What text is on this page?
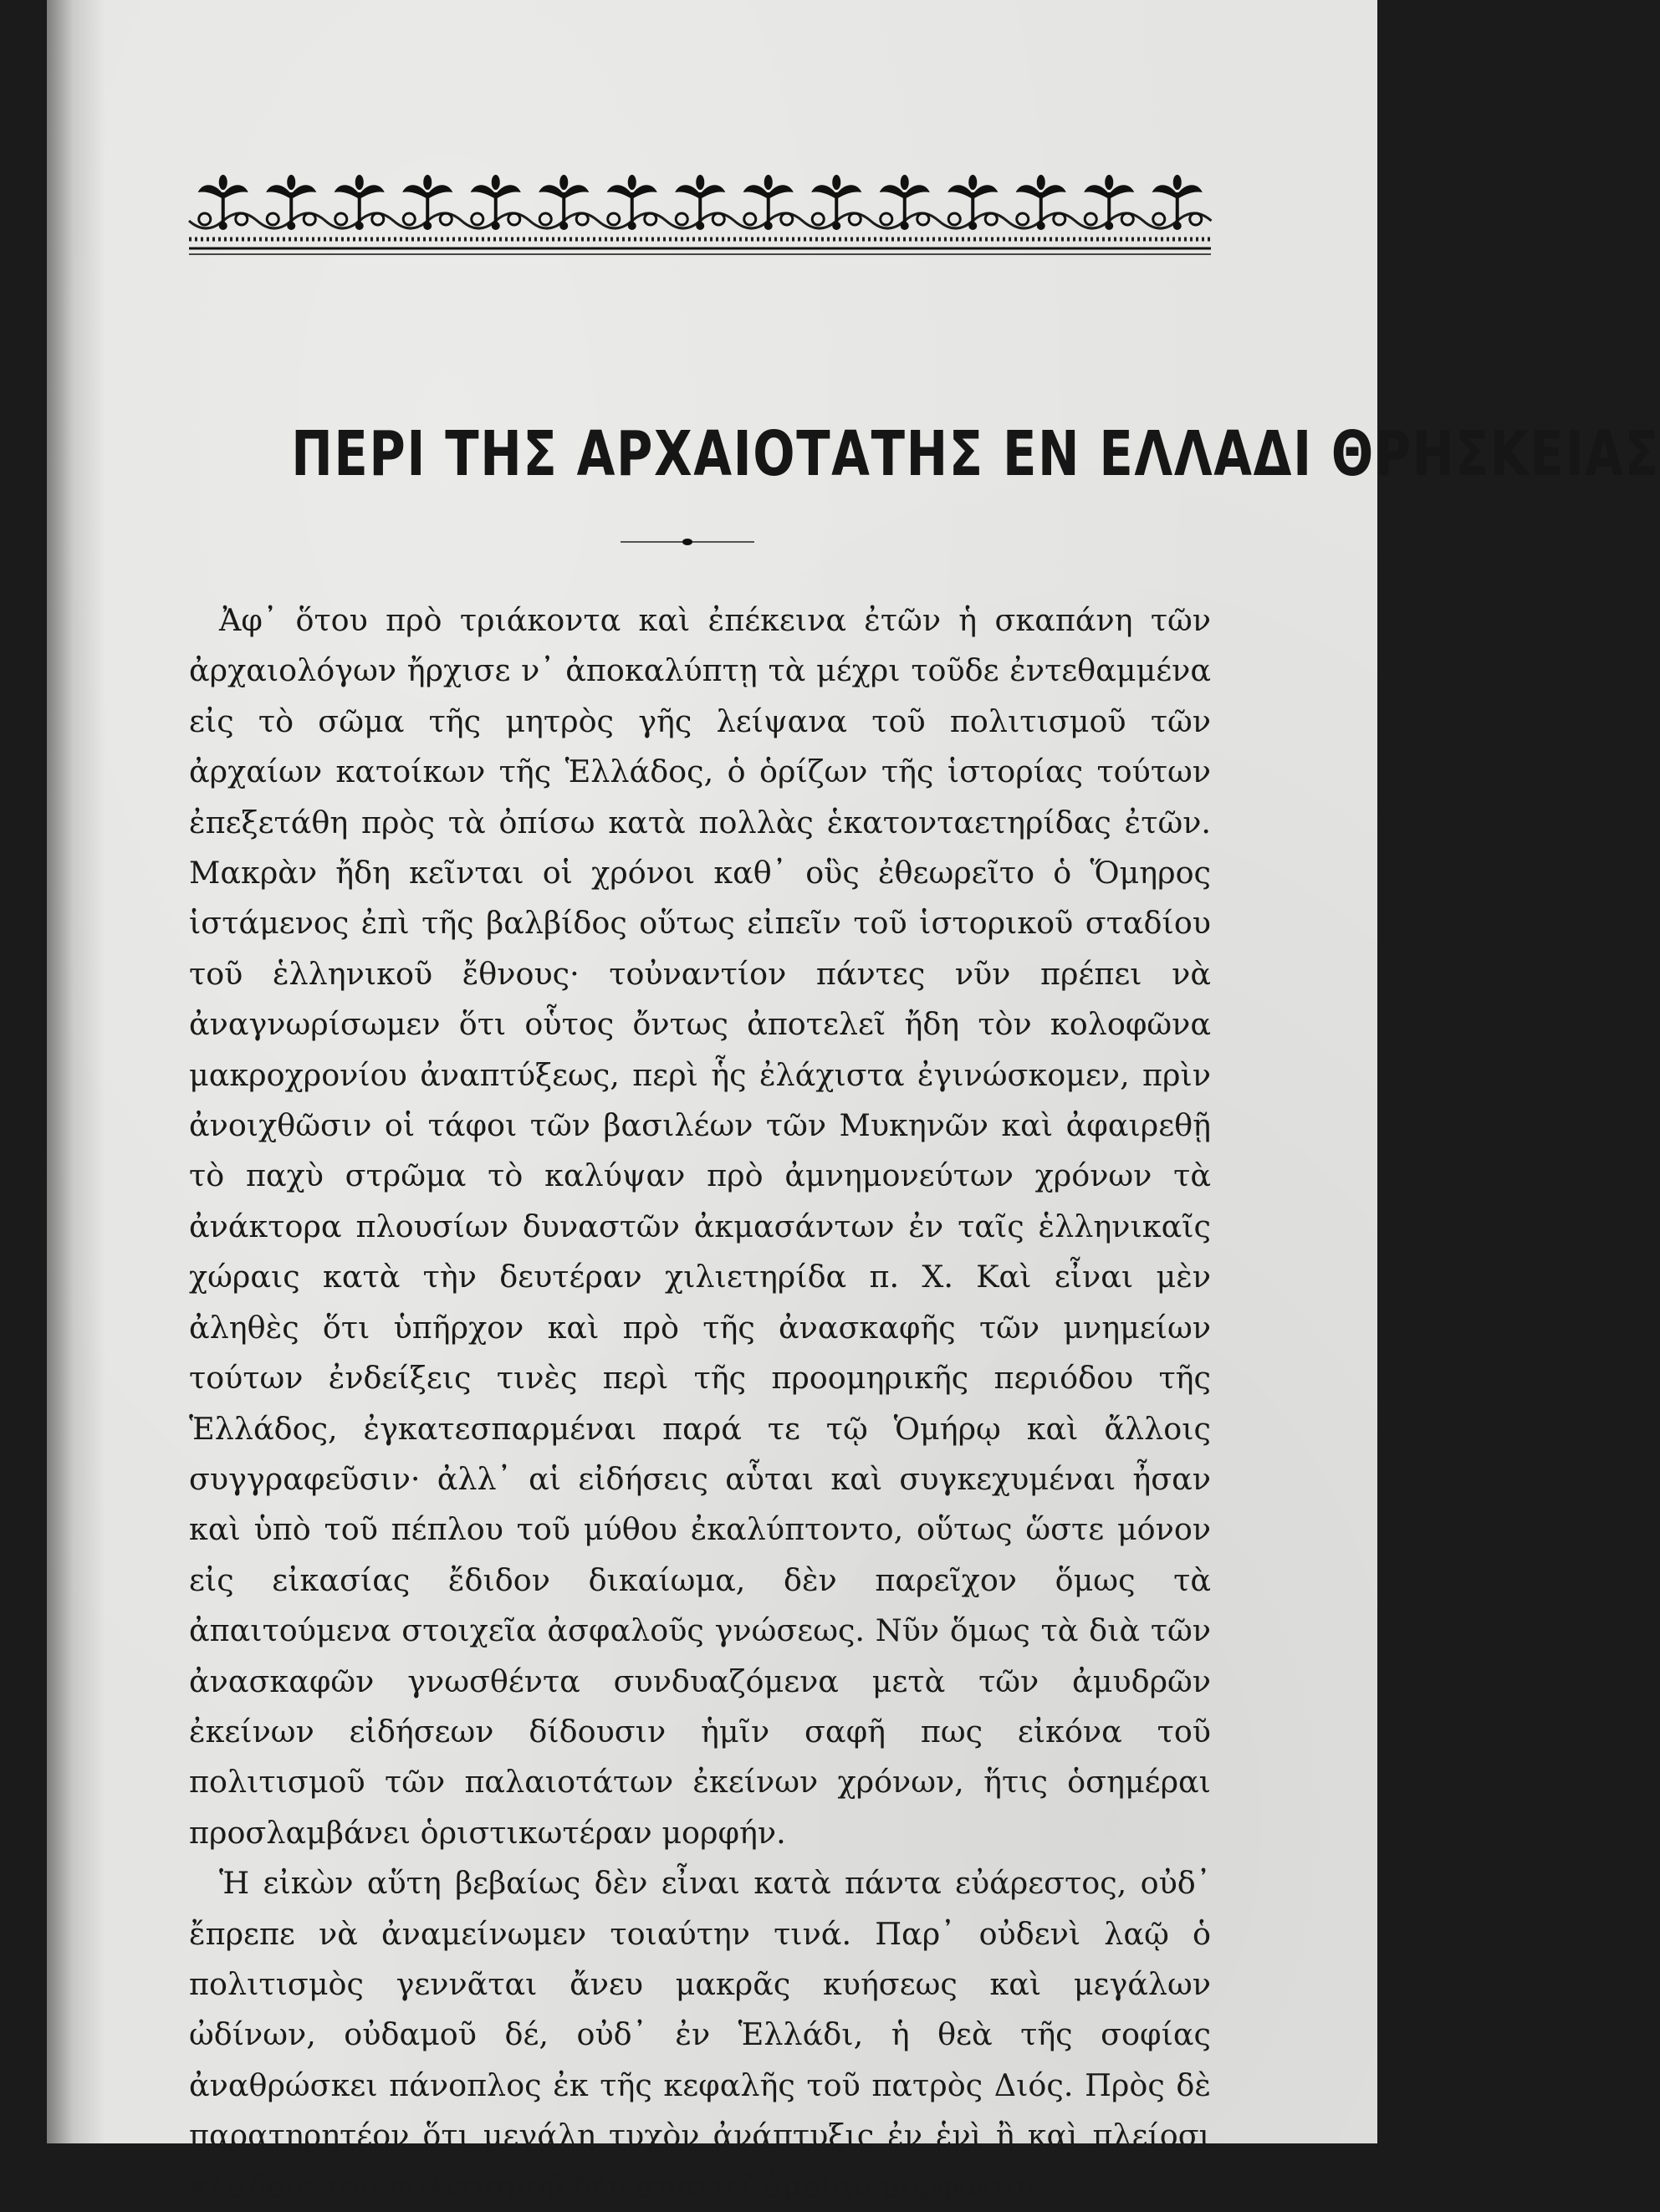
ΠΕΡΙ ΤΗΣ ΑΡΧΑΙΟΤΑΤΗΣ ΕΝ ΕΛΛΑΔΙ ΘΡΗΣΚΕΙΑΣ

Ἀφ᾽ ὅτου πρὸ τριάκοντα καὶ ἐπέκεινα ἐτῶν ἡ σκαπάνη τῶν ἀρχαιολόγων ἤρχισε ν᾽ ἀποκαλύπτῃ τὰ μέχρι τοῦδε ἐντεθαμμένα εἰς τὸ σῶμα τῆς μητρὸς γῆς λείψανα τοῦ πολιτισμοῦ τῶν ἀρχαίων κατοίκων τῆς Ἑλλάδος, ὁ ὁρίζων τῆς ἱστορίας τούτων ἐπεξετάθη πρὸς τὰ ὀπίσω κατὰ πολλὰς ἑκατονταετηρίδας ἐτῶν. Μακρὰν ἤδη κεῖνται οἱ χρόνοι καθ᾽ οὓς ἐθεωρεῖτο ὁ Ὅμηρος ἱστάμενος ἐπὶ τῆς βαλβίδος οὕτως εἰπεῖν τοῦ ἱστορικοῦ σταδίου τοῦ ἑλληνικοῦ ἔθνους· τοὐναντίον πάντες νῦν πρέπει νὰ ἀναγνωρίσωμεν ὅτι οὗτος ὄντως ἀποτελεῖ ἤδη τὸν κολοφῶνα μακροχρονίου ἀναπτύξεως, περὶ ἧς ἐλάχιστα ἐγινώσκομεν, πρὶν ἀνοιχθῶσιν οἱ τάφοι τῶν βασιλέων τῶν Μυκηνῶν καὶ ἀφαιρεθῇ τὸ παχὺ στρῶμα τὸ καλύψαν πρὸ ἀμνημονεύτων χρόνων τὰ ἀνάκτορα πλουσίων δυναστῶν ἀκμασάντων ἐν ταῖς ἑλληνικαῖς χώραις κατὰ τὴν δευτέραν χιλιετηρίδα π. Χ. Καὶ εἶναι μὲν ἀληθὲς ὅτι ὑπῆρχον καὶ πρὸ τῆς ἀνασκαφῆς τῶν μνημείων τούτων ἐνδείξεις τινὲς περὶ τῆς προομηρικῆς περιόδου τῆς Ἑλλάδος, ἐγκατεσπαρμέναι παρά τε τῷ Ὁμήρῳ καὶ ἄλλοις συγγραφεῦσιν· ἀλλ᾽ αἱ εἰδήσεις αὗται καὶ συγκεχυμέναι ἦσαν καὶ ὑπὸ τοῦ πέπλου τοῦ μύθου ἐκαλύπτοντο, οὕτως ὥστε μόνον εἰς εἰκασίας ἔδιδον δικαίωμα, δὲν παρεῖχον ὅμως τὰ ἀπαιτούμενα στοιχεῖα ἀσφαλοῦς γνώσεως. Νῦν ὅμως τὰ διὰ τῶν ἀνασκαφῶν γνωσθέντα συνδυαζόμενα μετὰ τῶν ἀμυδρῶν ἐκείνων εἰδήσεων δίδουσιν ἡμῖν σαφῆ πως εἰκόνα τοῦ πολιτισμοῦ τῶν παλαιοτάτων ἐκείνων χρόνων, ἥτις ὁσημέραι προσλαμβάνει ὁριστικωτέραν μορφήν.

Ἡ εἰκὼν αὕτη βεβαίως δὲν εἶναι κατὰ πάντα εὐάρεστος, οὐδ᾽ ἔπρεπε νὰ ἀναμείνωμεν τοιαύτην τινά. Παρ᾽ οὐδενὶ λαῷ ὁ πολιτισμὸς γεννᾶται ἄνευ μακρᾶς κυήσεως καὶ μεγάλων ὠδίνων, οὐδαμοῦ δέ, οὐδ᾽ ἐν Ἑλλάδι, ἡ θεὰ τῆς σοφίας ἀναθρώσκει πάνοπλος ἐκ τῆς κεφαλῆς τοῦ πατρὸς Διός. Πρὸς δὲ παρατηρητέον ὅτι μεγάλη τυχὸν ἀνάπτυξις ἐν ἑνὶ ἢ καὶ πλείοσι κλάδοις τοῦ πολιτισμοῦ δὲν ἀπαιτεῖ ὁμοίαν μόρφωσιν
